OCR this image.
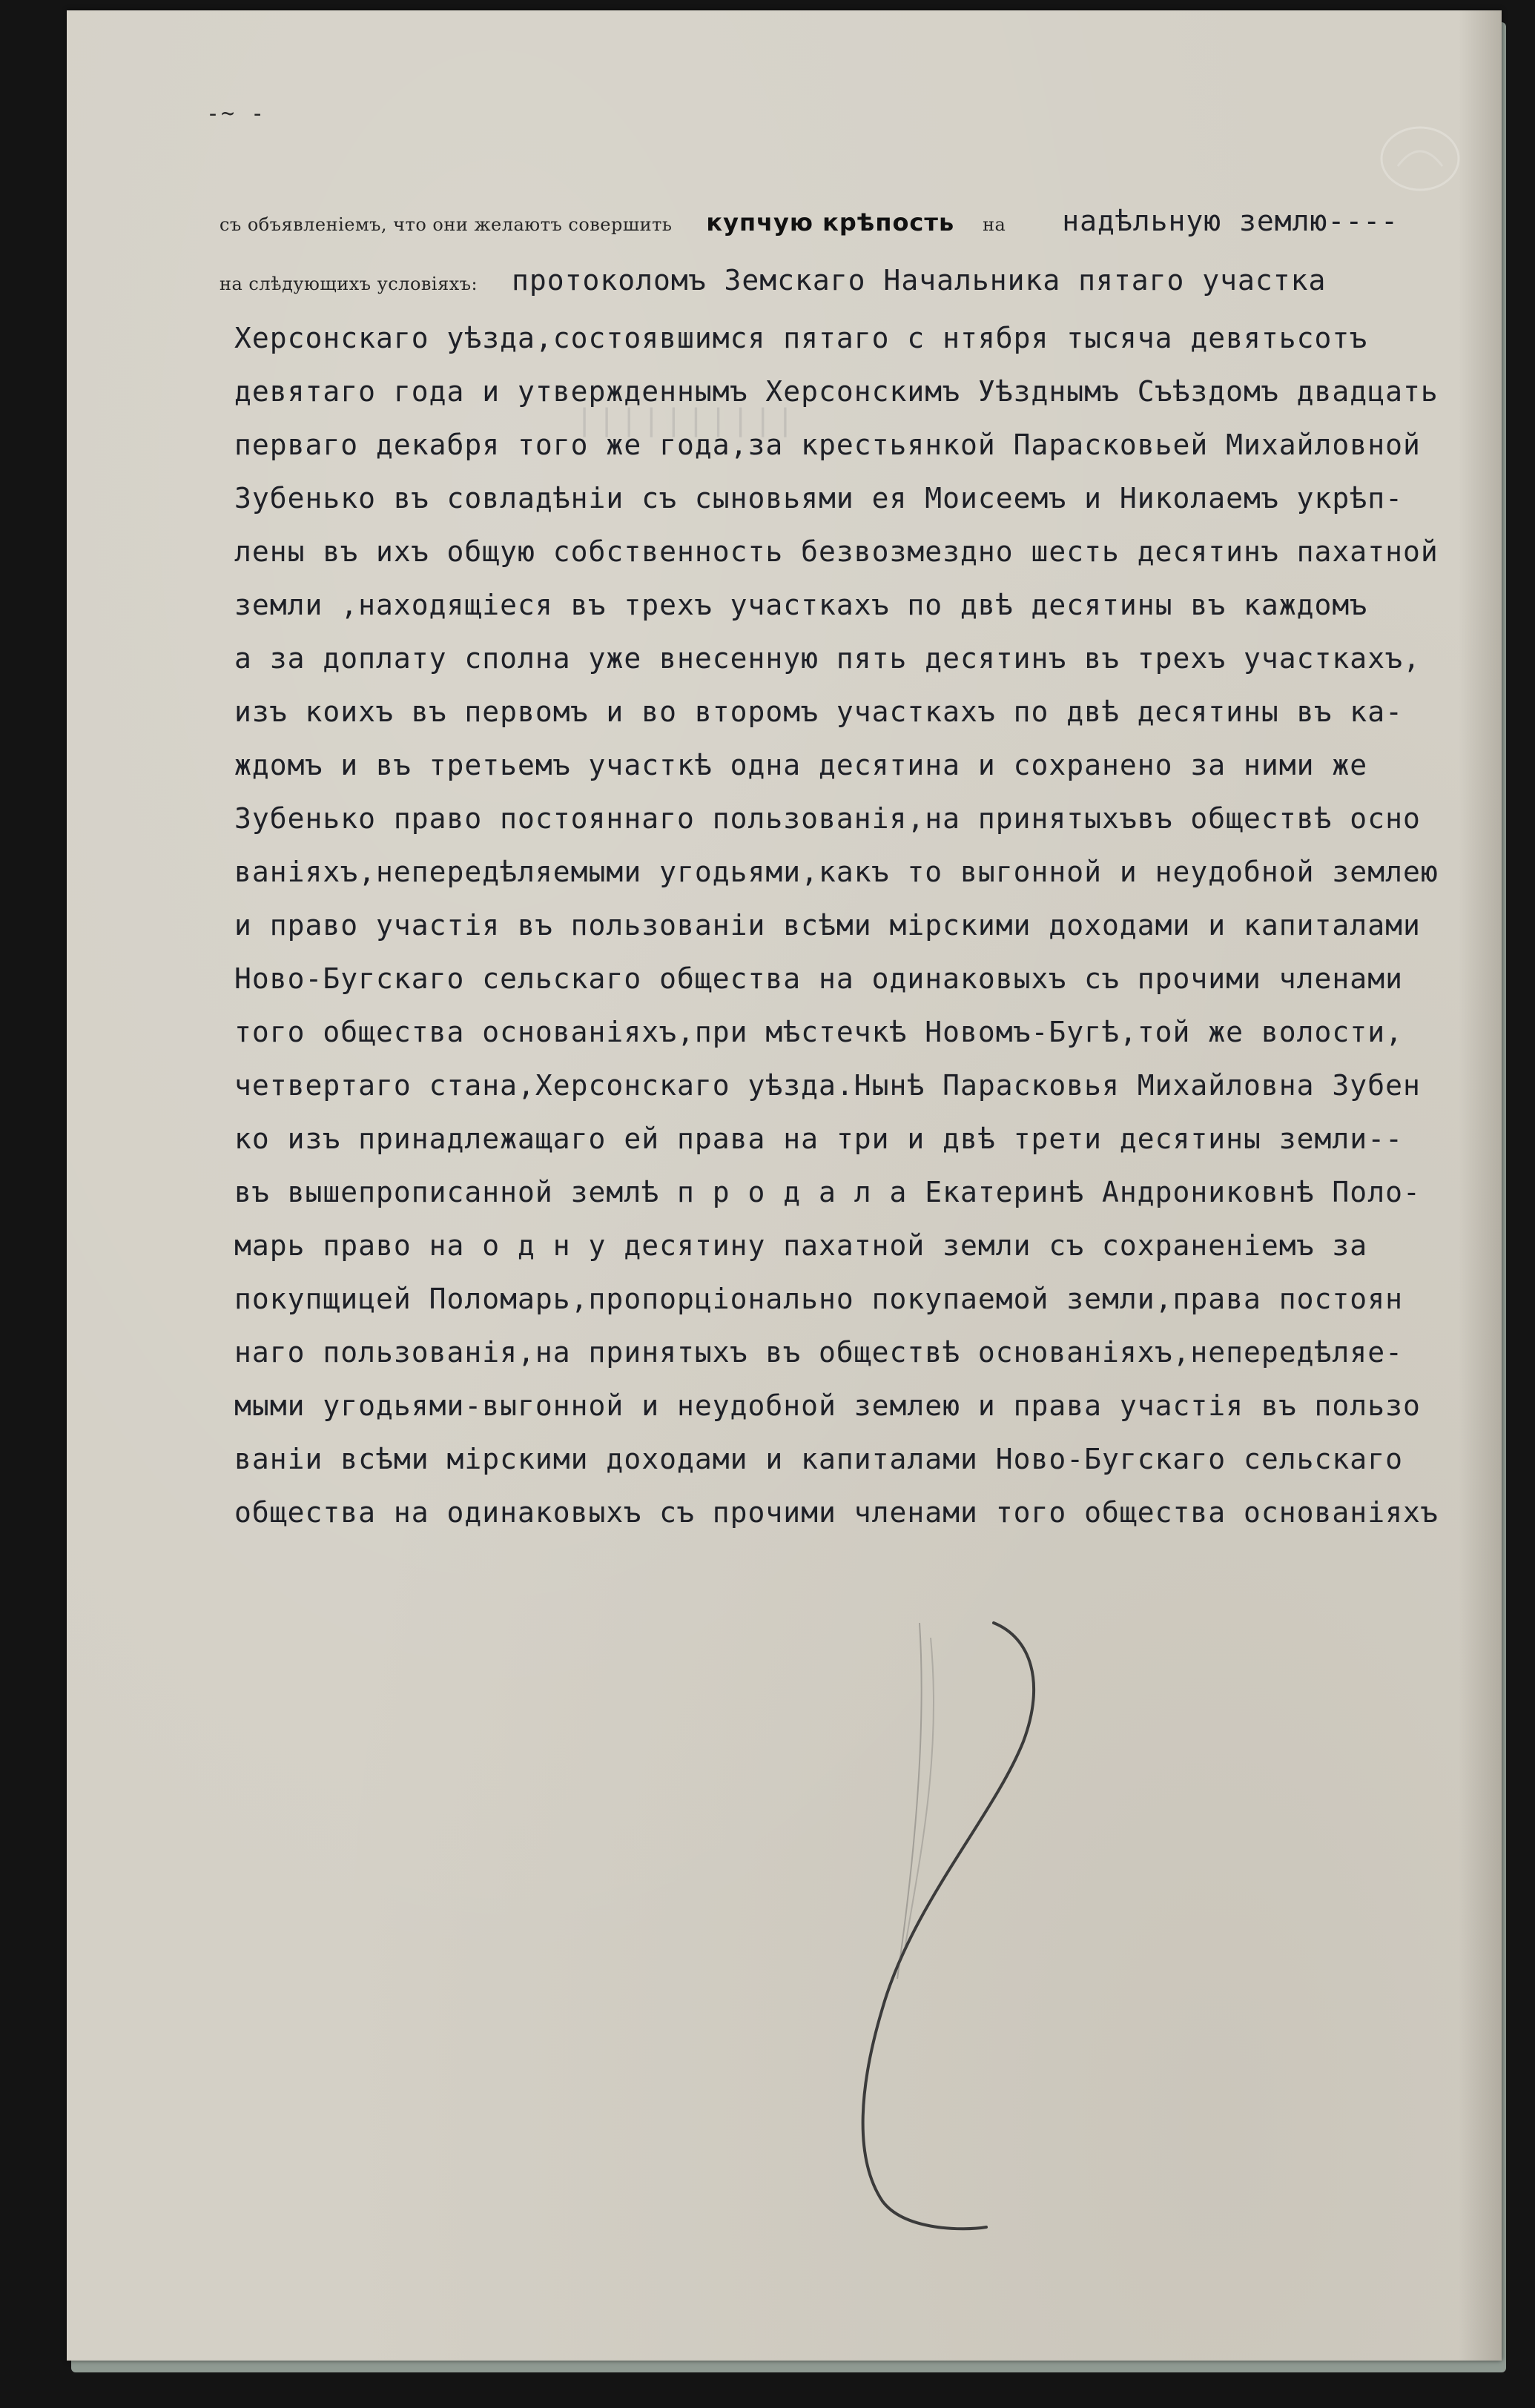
-~ -
съ объявленіемъ, что они желаютъ совершить купчую крѣпость на надѣльную землю----
на слѣдующихъ условіяхъ: протоколомъ Земскаго Начальника пятаго участка
||||||||||
Херсонскаго уѣзда,состоявшимся пятаго с нтября тысяча девятьсотъ
девятаго года и утвержденнымъ Херсонскимъ Уѣзднымъ Съѣздомъ двадцать
перваго декабря того же года,за крестьянкой Парасковьей Михайловной
Зубенько въ совладѣніи съ сыновьями ея Моисеемъ и Николаемъ укрѣп-
лены въ ихъ общую собственность безвозмездно шесть десятинъ пахатной
земли ,находящіеся въ трехъ участкахъ по двѣ десятины въ каждомъ
а за доплату сполна уже внесенную пять десятинъ въ трехъ участкахъ,
изъ коихъ въ первомъ и во второмъ участкахъ по двѣ десятины въ ка-
ждомъ и въ третьемъ участкѣ одна десятина и сохранено за ними же
Зубенько право постояннаго пользованія,на принятыхъвъ обществѣ осно
ваніяхъ,непередѣляемыми угодьями,какъ то выгонной и неудобной землею
и право участія въ пользованіи всѣми мірскими доходами и капиталами
Ново-Бугскаго сельскаго общества на одинаковыхъ съ прочими членами
того общества основаніяхъ,при мѣстечкѣ Новомъ-Бугѣ,той же волости,
четвертаго стана,Херсонскаго уѣзда.Нынѣ Парасковья Михайловна Зубен
ко изъ принадлежащаго ей права на три и двѣ трети десятины земли--
въ вышепрописанной землѣ п р о д а л а Екатеринѣ Андрониковнѣ Поло-
марь право на о д н у десятину пахатной земли съ сохраненіемъ за
покупщицей Поломарь,пропорціонально покупаемой земли,права постоян
наго пользованія,на принятыхъ въ обществѣ основаніяхъ,непередѣляе-
мыми угодьями-выгонной и неудобной землею и права участія въ пользо
ваніи всѣми мірскими доходами и капиталами Ново-Бугскаго сельскаго
общества на одинаковыхъ съ прочими членами того общества основаніяхъ
